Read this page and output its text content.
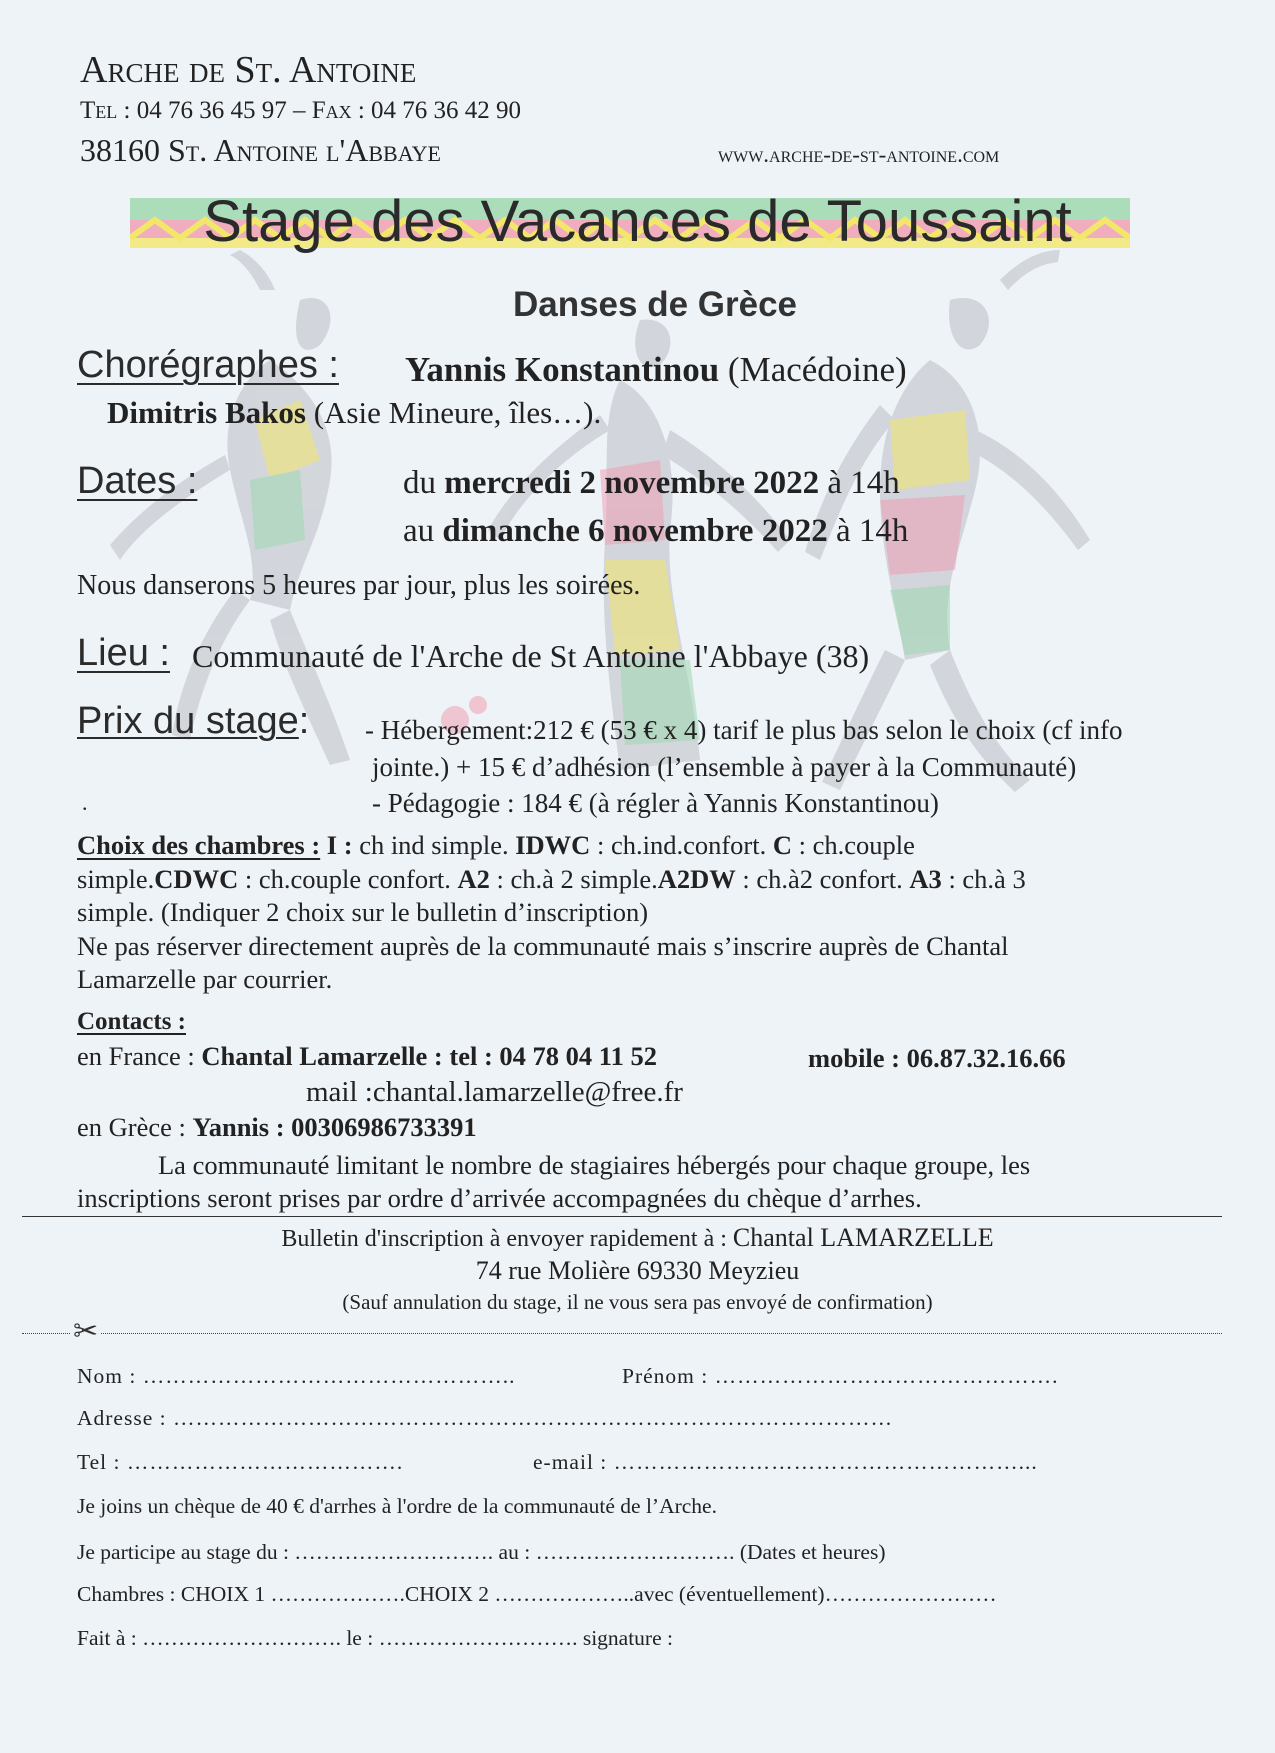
Arche de St. Antoine
Tel : 04 76 36 45 97 – Fax : 04 76 36 42 90
38160 St. Antoine l'Abbaye	www.arche-de-st-antoine.com
Stage des Vacances de Toussaint
Danses de Grèce
Chorégraphes : Yannis Konstantinou (Macédoine)
Dimitris Bakos (Asie Mineure, îles…).
Dates :	du mercredi 2 novembre 2022 à 14h
au dimanche 6 novembre 2022 à 14h
Nous danserons 5 heures par jour, plus les soirées.
Lieu : Communauté de l'Arche de St Antoine l'Abbaye (38)
Prix du stage: - Hébergement:212 € (53 € x 4) tarif le plus bas selon le choix (cf info
jointe.) + 15 € d’adhésion (l’ensemble à payer à la Communauté)
- Pédagogie : 184 € (à régler à Yannis Konstantinou)
.
Choix des chambres : I : ch ind simple. IDWC : ch.ind.confort. C : ch.couple
simple.CDWC : ch.couple confort. A2 : ch.à 2 simple.A2DW : ch.à2 confort. A3 : ch.à 3
simple. (Indiquer 2 choix sur le bulletin d’inscription)
Ne pas réserver directement auprès de la communauté mais s’inscrire auprès de Chantal
Lamarzelle par courrier.
Contacts :
en France : Chantal Lamarzelle : tel : 04 78 04 11 52	mobile : 06.87.32.16.66
mail :chantal.lamarzelle@free.fr
en Grèce : Yannis : 00306986733391
La communauté limitant le nombre de stagiaires hébergés pour chaque groupe, les
inscriptions seront prises par ordre d’arrivée accompagnées du chèque d’arrhes.
Bulletin d'inscription à envoyer rapidement à : Chantal LAMARZELLE
74 rue Molière 69330 Meyzieu
(Sauf annulation du stage, il ne vous sera pas envoyé de confirmation)
✂
Nom : …………………………………………..	Prénom : ……………………………………….
Adresse : ……………………………………………………………………………………
Tel : ……………………………….	e-mail : ………………………………………………...
Je joins un chèque de 40 € d'arrhes à l'ordre de la communauté de l’Arche.
Je participe au stage du : ………………………. au : ………………………. (Dates et heures)
Chambres : CHOIX 1 ……………….CHOIX 2 ………………..avec (éventuellement)……………………
Fait à : ………………………. le : ………………………. signature :
